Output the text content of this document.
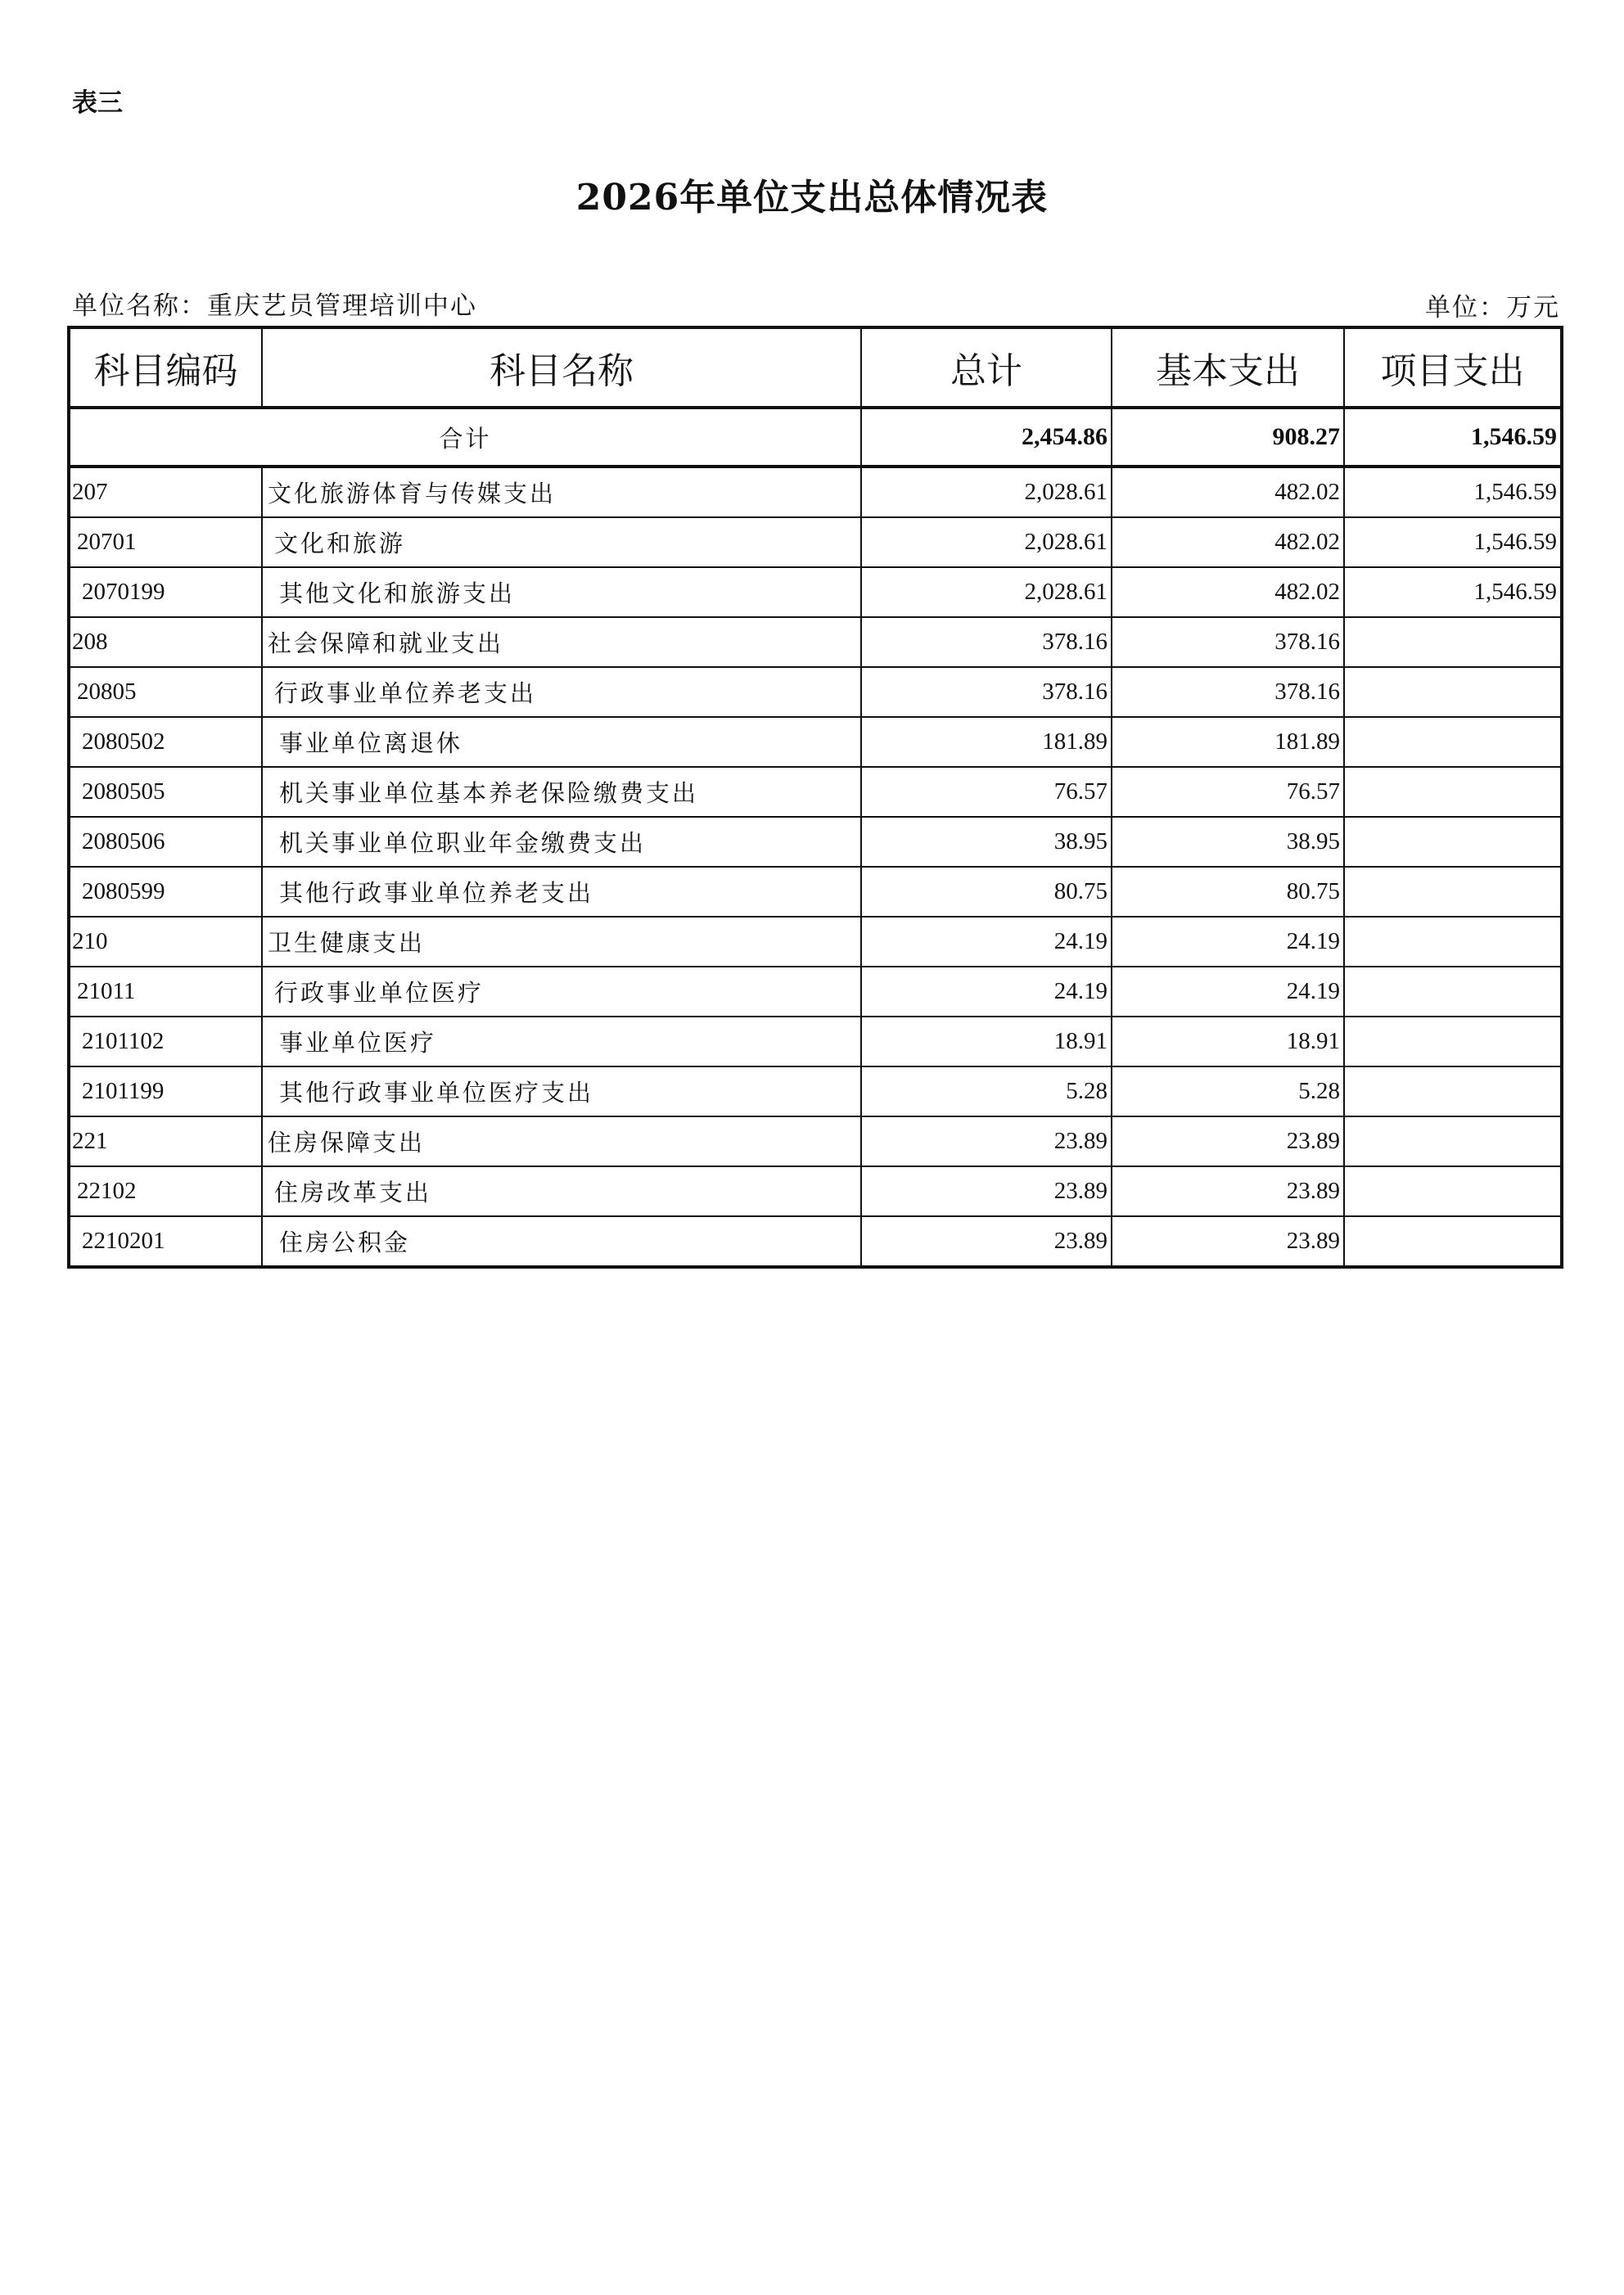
表三
2026年单位支出总体情况表
单位名称：重庆艺员管理培训中心	单位：万元
科目编码	科目名称	总计	基本支出	项目支出
合计		2,454.86	908.27	1,546.59
207	文化旅游体育与传媒支出	2,028.61	482.02	1,546.59
20701	文化和旅游	2,028.61	482.02	1,546.59
2070199	其他文化和旅游支出	2,028.61	482.02	1,546.59
208	社会保障和就业支出	378.16	378.16	
20805	行政事业单位养老支出	378.16	378.16	
2080502	事业单位离退休	181.89	181.89	
2080505	机关事业单位基本养老保险缴费支出	76.57	76.57	
2080506	机关事业单位职业年金缴费支出	38.95	38.95	
2080599	其他行政事业单位养老支出	80.75	80.75	
210	卫生健康支出	24.19	24.19	
21011	行政事业单位医疗	24.19	24.19	
2101102	事业单位医疗	18.91	18.91	
2101199	其他行政事业单位医疗支出	5.28	5.28	
221	住房保障支出	23.89	23.89	
22102	住房改革支出	23.89	23.89	
2210201	住房公积金	23.89	23.89	
